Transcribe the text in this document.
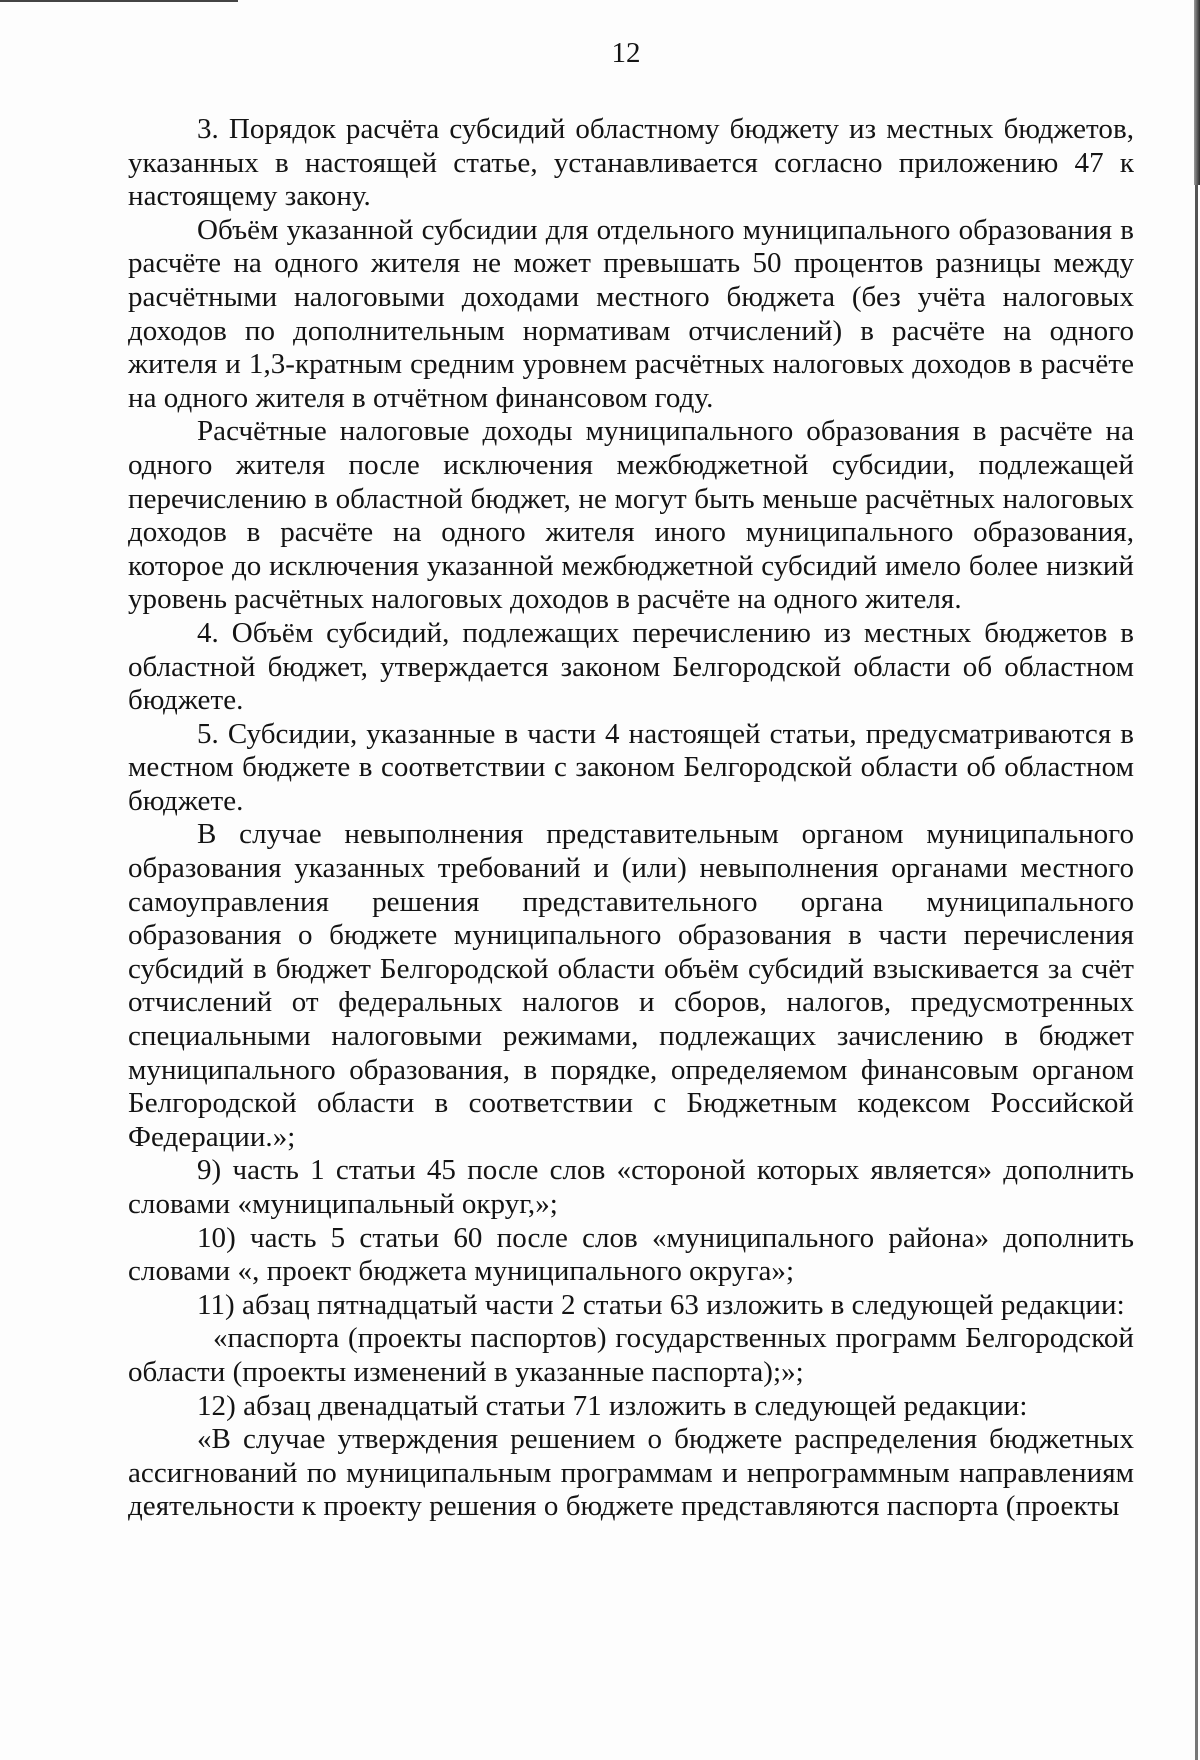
12

3. Порядок расчёта субсидий областному бюджету из местных бюджетов, указанных в настоящей статье, устанавливается согласно приложению 47 к настоящему закону.

Объём указанной субсидии для отдельного муниципального образования в расчёте на одного жителя не может превышать 50 процентов разницы между расчётными налоговыми доходами местного бюджета (без учёта налоговых доходов по дополнительным нормативам отчислений) в расчёте на одного жителя и 1,3-кратным средним уровнем расчётных налоговых доходов в расчёте на одного жителя в отчётном финансовом году.

Расчётные налоговые доходы муниципального образования в расчёте на одного жителя после исключения межбюджетной субсидии, подлежащей перечислению в областной бюджет, не могут быть меньше расчётных налоговых доходов в расчёте на одного жителя иного муниципального образования, которое до исключения указанной межбюджетной субсидий имело более низкий уровень расчётных налоговых доходов в расчёте на одного жителя.

4. Объём субсидий, подлежащих перечислению из местных бюджетов в областной бюджет, утверждается законом Белгородской области об областном бюджете.

5. Субсидии, указанные в части 4 настоящей статьи, предусматриваются в местном бюджете в соответствии с законом Белгородской области об областном бюджете.

В случае невыполнения представительным органом муниципального образования указанных требований и (или) невыполнения органами местного самоуправления решения представительного органа муниципального образования о бюджете муниципального образования в части перечисления субсидий в бюджет Белгородской области объём субсидий взыскивается за счёт отчислений от федеральных налогов и сборов, налогов, предусмотренных специальными налоговыми режимами, подлежащих зачислению в бюджет муниципального образования, в порядке, определяемом финансовым органом Белгородской области в соответствии с Бюджетным кодексом Российской Федерации.»;

9) часть 1 статьи 45 после слов «стороной которых является» дополнить словами «муниципальный округ,»;

10) часть 5 статьи 60 после слов «муниципального района» дополнить словами «, проект бюджета муниципального округа»;

11) абзац пятнадцатый части 2 статьи 63 изложить в следующей редакции:

«паспорта (проекты паспортов) государственных программ Белгородской области (проекты изменений в указанные паспорта);»;

12) абзац двенадцатый статьи 71 изложить в следующей редакции:

«В случае утверждения решением о бюджете распределения бюджетных ассигнований по муниципальным программам и непрограммным направлениям деятельности к проекту решения о бюджете представляются паспорта (проекты
